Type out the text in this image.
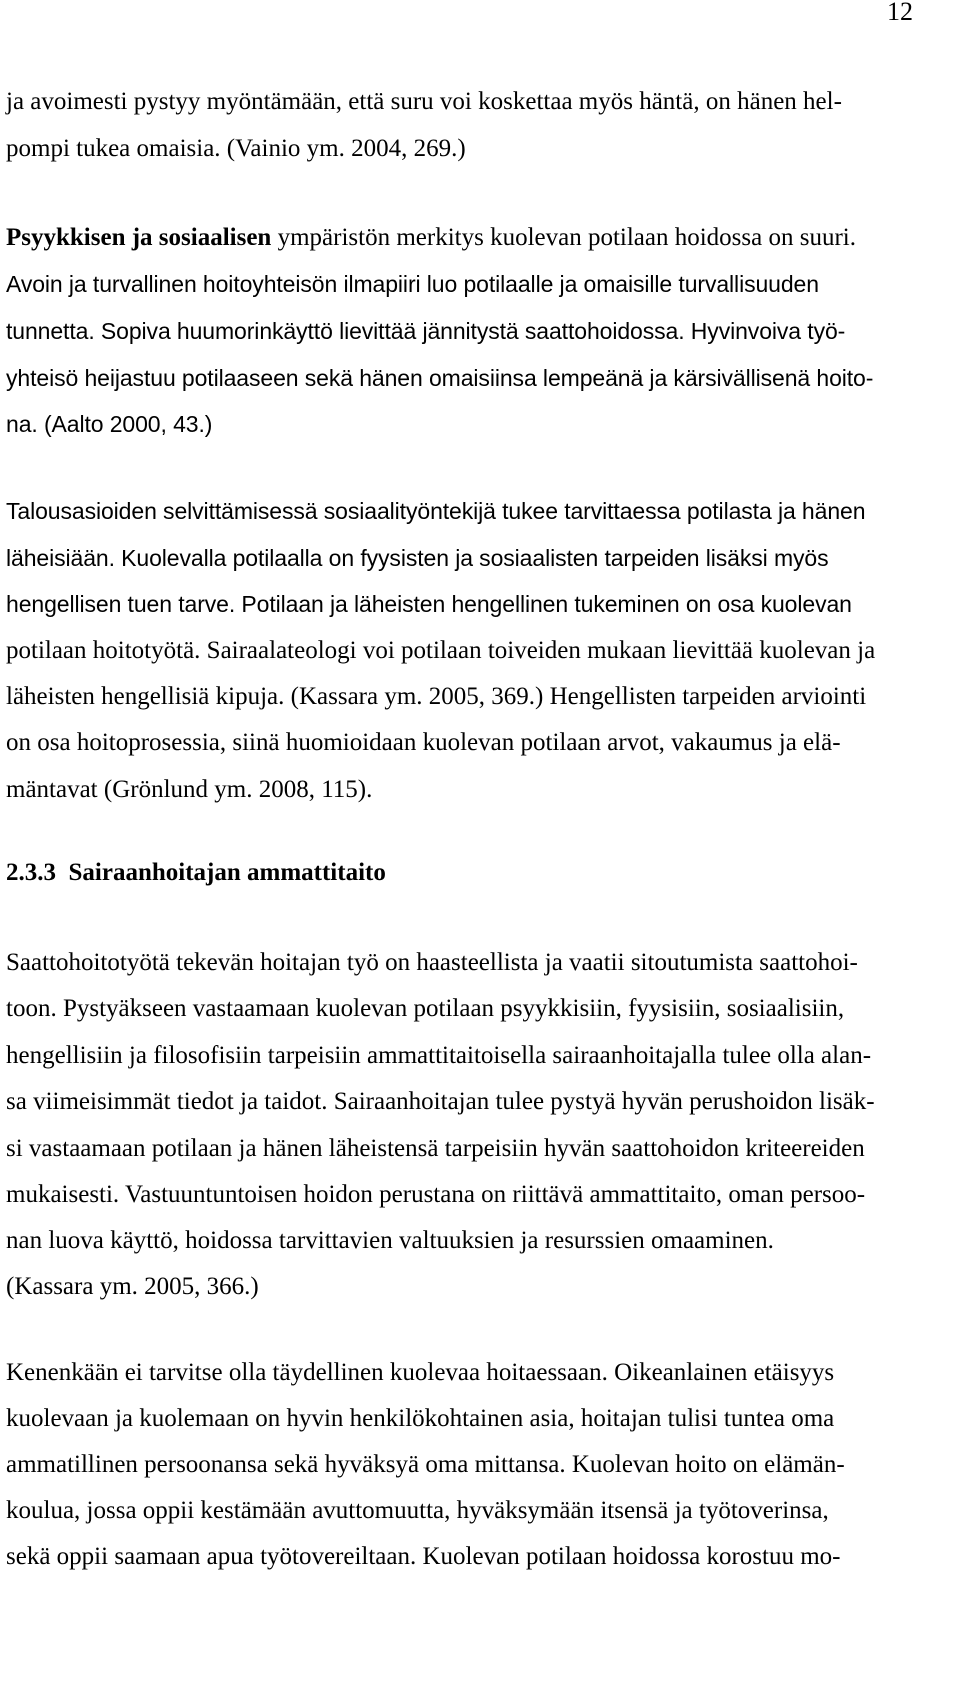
12
ja avoimesti pystyy myöntämään, että suru voi koskettaa myös häntä, on hänen hel-
pompi tukea omaisia. (Vainio ym. 2004, 269.)
Psyykkisen ja sosiaalisen ympäristön merkitys kuolevan potilaan hoidossa on suuri.
Avoin ja turvallinen hoitoyhteisön ilmapiiri luo potilaalle ja omaisille turvallisuuden
tunnetta. Sopiva huumorinkäyttö lievittää jännitystä saattohoidossa. Hyvinvoiva työ-
yhteisö heijastuu potilaaseen sekä hänen omaisiinsa lempeänä ja kärsivällisenä hoito-
na. (Aalto 2000, 43.)
Talousasioiden selvittämisessä sosiaalityöntekijä tukee tarvittaessa potilasta ja hänen
läheisiään. Kuolevalla potilaalla on fyysisten ja sosiaalisten tarpeiden lisäksi myös
hengellisen tuen tarve. Potilaan ja läheisten hengellinen tukeminen on osa kuolevan
potilaan hoitotyötä. Sairaalateologi voi potilaan toiveiden mukaan lievittää kuolevan ja
läheisten hengellisiä kipuja. (Kassara ym. 2005, 369.) Hengellisten tarpeiden arviointi
on osa hoitoprosessia, siinä huomioidaan kuolevan potilaan arvot, vakaumus ja elä-
mäntavat (Grönlund ym. 2008, 115).
2.3.3 Sairaanhoitajan ammattitaito
Saattohoitotyötä tekevän hoitajan työ on haasteellista ja vaatii sitoutumista saattohoi-
toon. Pystyäkseen vastaamaan kuolevan potilaan psyykkisiin, fyysisiin, sosiaalisiin,
hengellisiin ja filosofisiin tarpeisiin ammattitaitoisella sairaanhoitajalla tulee olla alan-
sa viimeisimmät tiedot ja taidot. Sairaanhoitajan tulee pystyä hyvän perushoidon lisäk-
si vastaamaan potilaan ja hänen läheistensä tarpeisiin hyvän saattohoidon kriteereiden
mukaisesti. Vastuuntuntoisen hoidon perustana on riittävä ammattitaito, oman persoo-
nan luova käyttö, hoidossa tarvittavien valtuuksien ja resurssien omaaminen.
(Kassara ym. 2005, 366.)
Kenenkään ei tarvitse olla täydellinen kuolevaa hoitaessaan. Oikeanlainen etäisyys
kuolevaan ja kuolemaan on hyvin henkilökohtainen asia, hoitajan tulisi tuntea oma
ammatillinen persoonansa sekä hyväksyä oma mittansa. Kuolevan hoito on elämän-
koulua, jossa oppii kestämään avuttomuutta, hyväksymään itsensä ja työtoverinsa,
sekä oppii saamaan apua työtovereiltaan. Kuolevan potilaan hoidossa korostuu mo-
